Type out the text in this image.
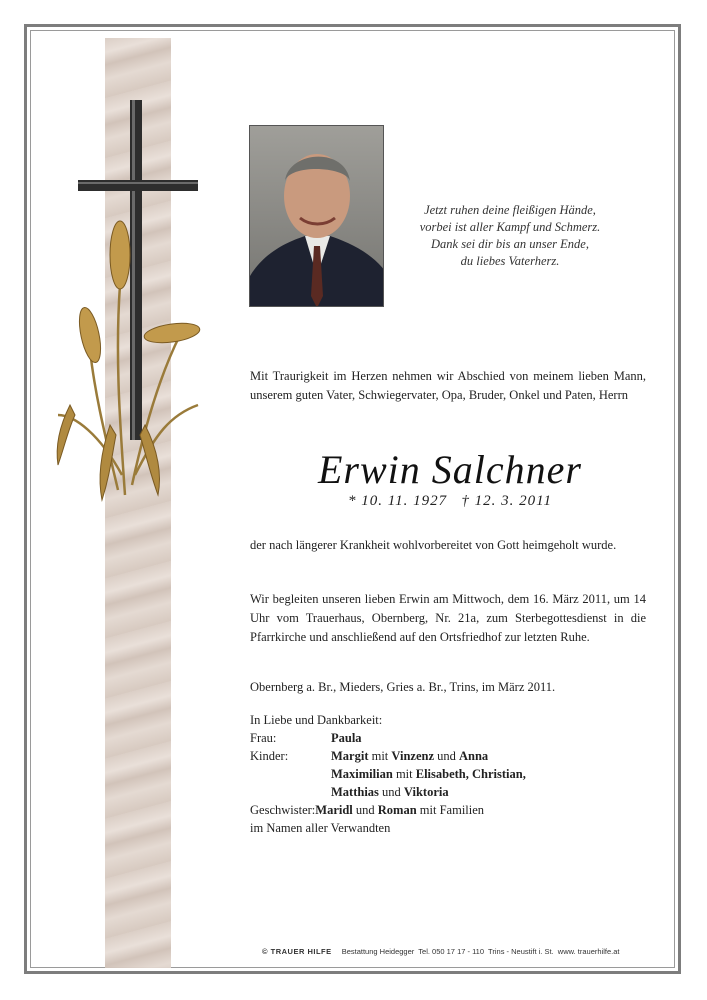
Jetzt ruhen deine fleißigen Hände,
vorbei ist aller Kampf und Schmerz.
Dank sei dir bis an unser Ende,
du liebes Vaterherz.
Mit Traurigkeit im Herzen nehmen wir Abschied von meinem lieben Mann, unserem guten Vater, Schwiegervater, Opa, Bruder, Onkel und Paten, Herrn
Erwin Salchner
* 10. 11. 1927   † 12. 3. 2011
der nach längerer Krankheit wohlvorbereitet von Gott heimgeholt wurde.
Wir begleiten unseren lieben Erwin am Mittwoch, dem 16. März 2011, um 14 Uhr vom Trauerhaus, Obernberg, Nr. 21a, zum Sterbegottesdienst in die Pfarrkirche und anschließend auf den Ortsfriedhof zur letzten Ruhe.
Obernberg a. Br., Mieders, Gries a. Br., Trins, im März 2011.
In Liebe und Dankbarkeit:
Frau:	Paula
Kinder:	Margit mit Vinzenz und Anna
Maximilian mit Elisabeth, Christian,
Matthias und Viktoria
Geschwister: Maridl und Roman mit Familien
im Namen aller Verwandten
© TRAUER HILFE Bestattung Heidegger  Tel. 050 17 17 - 110  Trins - Neustift i. St.  www. trauerhilfe.at
